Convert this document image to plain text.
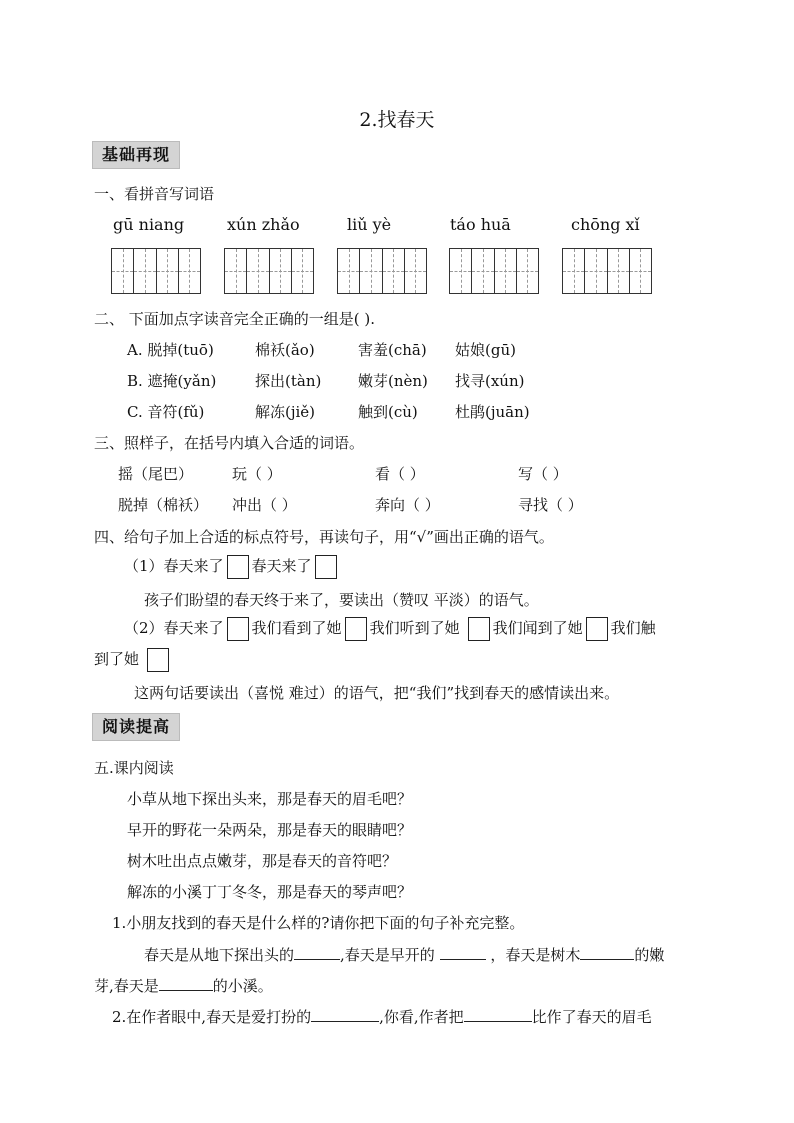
2.找春天
基础再现
一、看拼音写词语
gū niang	xún zhǎo	liǔ yè	táo huā	chōng xǐ
二、 下面加点字读音完全正确的一组是( ).
A. 脱掉(tuō)	棉袄(ǎo)	害羞(chā) 姑娘(gū)
B. 遮掩(yǎn)	探出(tàn) 嫩芽(nèn) 找寻(xún)
C. 音符(fǔ)	解冻(jiě)	触到(cù) 杜鹃(juān)
三、照样子，在括号内填入合适的词语。
摇（尾巴）	玩（ ）	看（ ）	写（ ）
脱掉（棉袄） 冲出（ ）	奔向（ ）	寻找（ ）
四、给句子加上合适的标点符号，再读句子，用“√”画出正确的语气。
（1）春天来了 春天来了
孩子们盼望的春天终于来了，要读出（赞叹 平淡）的语气。
（2）春天来了 我们看到了她 我们听到了她 我们闻到了她 我们触
到了她
这两句话要读出（喜悦 难过）的语气，把“我们”找到春天的感情读出来。
阅读提高
五.课内阅读
小草从地下探出头来，那是春天的眉毛吧？
早开的野花一朵两朵，那是春天的眼睛吧？
树木吐出点点嫩芽，那是春天的音符吧？
解冻的小溪丁丁冬冬，那是春天的琴声吧？
1.小朋友找到的春天是什么样的?请你把下面的句子补充完整。
春天是从地下探出头的	,春天是早开的	，春天是树木	的嫩
芽,春天是	的小溪。
2.在作者眼中,春天是爱打扮的	,你看,作者把	比作了春天的眉毛
